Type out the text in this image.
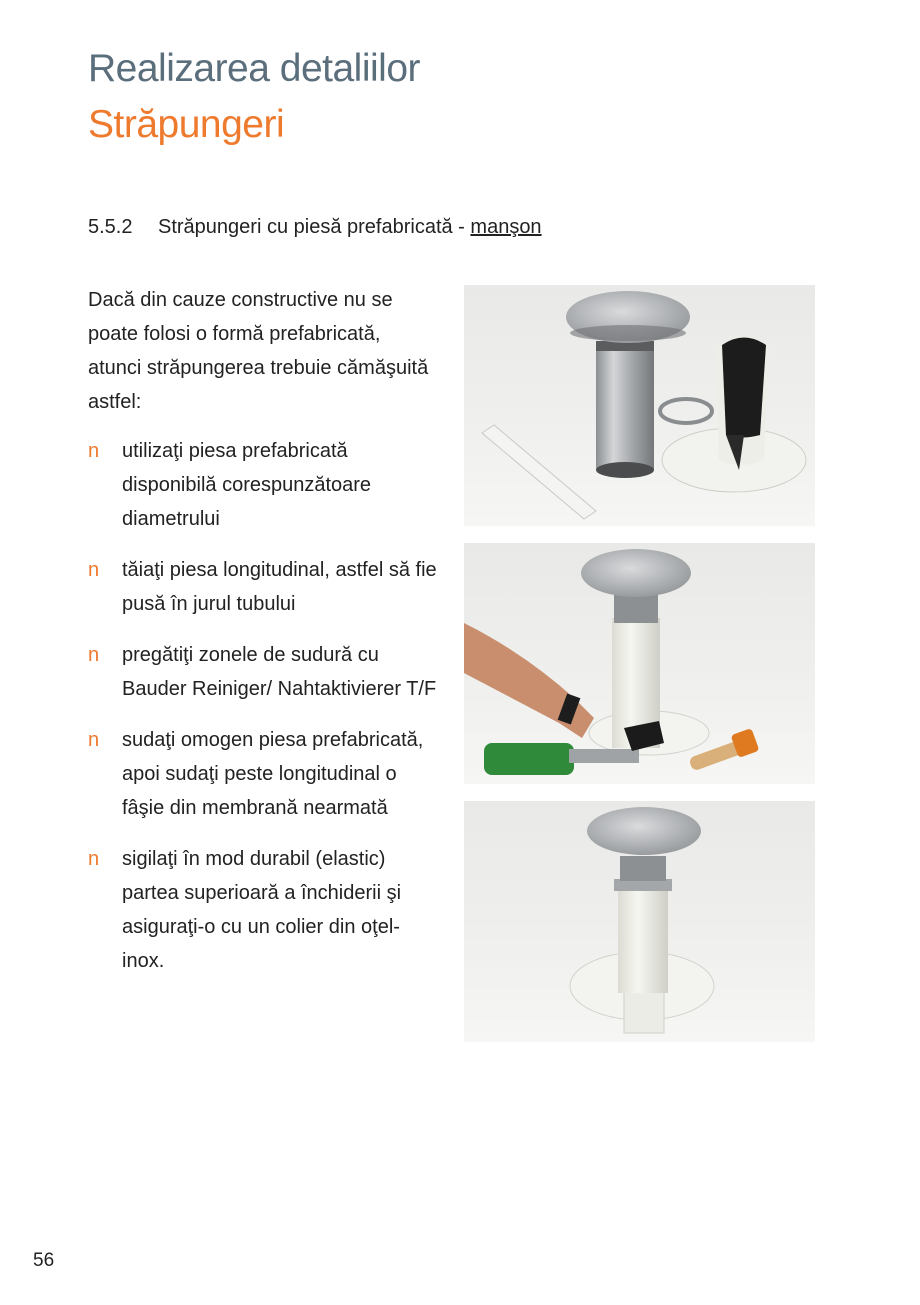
Realizarea detaliilor
Străpungeri
5.5.2 Străpungeri cu piesă prefabricată - manşon
Dacă din cauze constructive nu se poate folosi o formă prefabricată, atunci străpungerea trebuie cămăşuită astfel:
n utilizaţi piesa prefabricată disponibilă corespunzătoare diametrului
n tăiaţi piesa longitudinal, astfel să fie pusă în jurul tubului
n pregătiţi zonele de sudură cu Bauder Reiniger/ Nahtaktivierer T/F
n sudaţi omogen piesa prefabricată, apoi sudaţi peste longitudinal o fâşie din membrană nearmată
n sigilaţi în mod durabil (elastic) partea superioară a închiderii şi asiguraţi-o cu un colier din oţel-inox.
56
